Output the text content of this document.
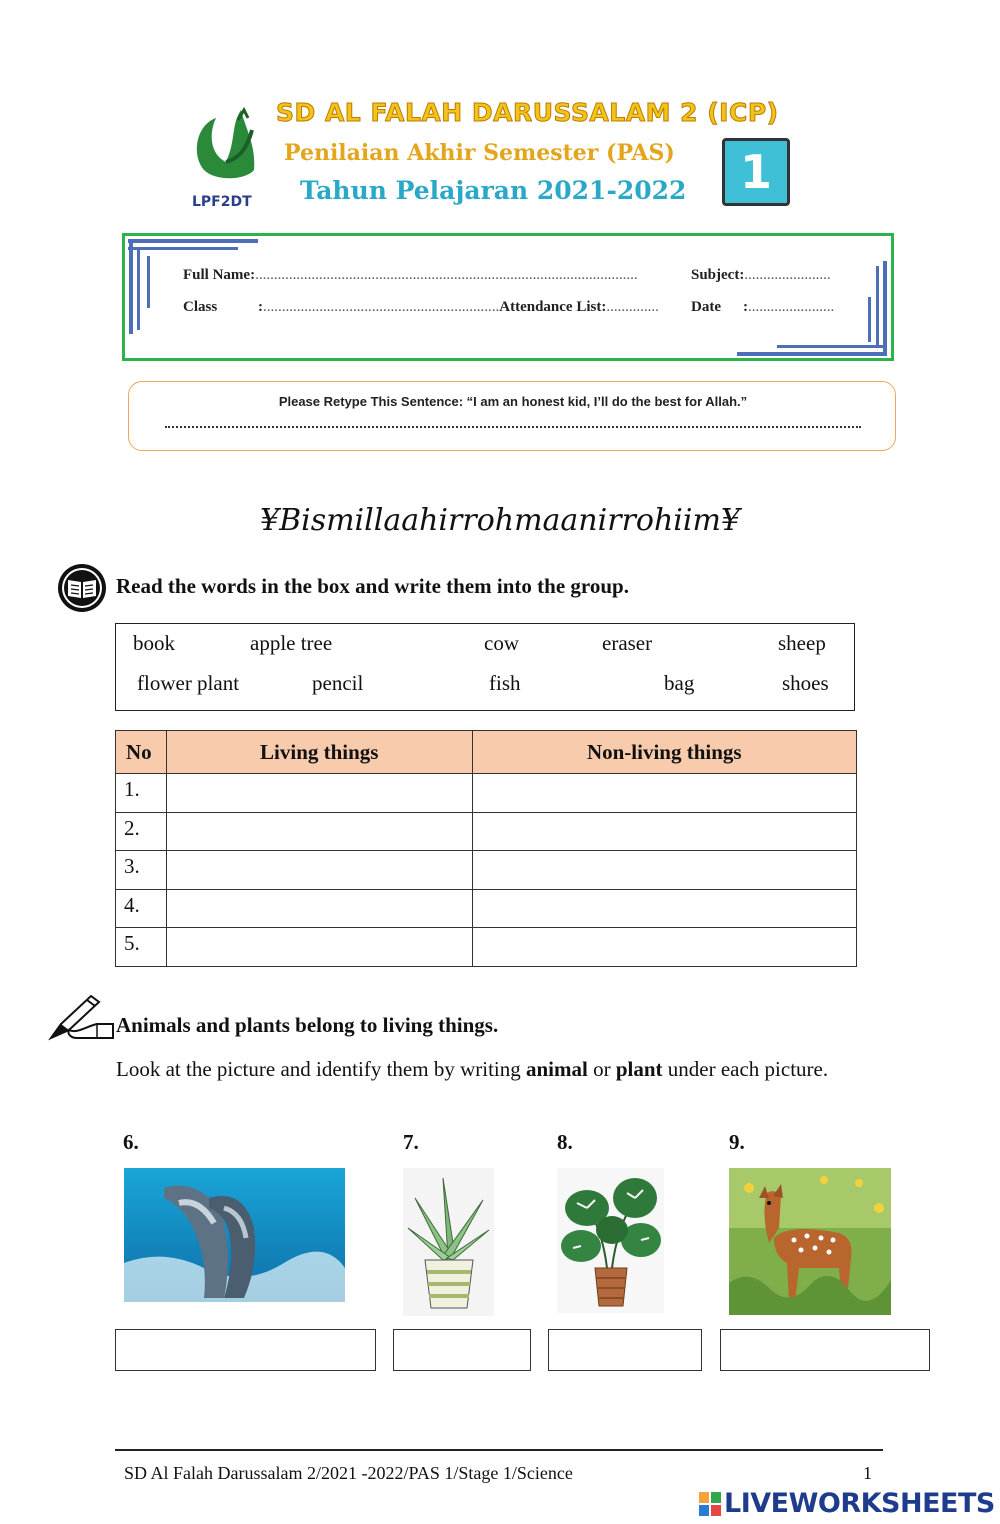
LPF2DT
SD AL FALAH DARUSSALAM 2 (ICP)
Penilaian Akhir Semester (PAS)
Tahun Pelajaran 2021-2022	1
Full Name:......................................................................................................	Subject:.......................
Class	:...............................................................Attendance List:.............. Date :.......................
Please Retype This Sentence: “I am an honest kid, I’ll do the best for Allah.”
¥Bismillaahirrohmaanirrohiim¥
Read the words in the box and write them into the group.
book	apple tree	cow	eraser	sheep
flower plant	pencil	fish	bag	shoes
No	Living things	Non-living things
1.		
2.		
3.		
4.		
5.		
Animals and plants belong to living things.
Look at the picture and identify them by writing animal or plant under each picture.
6.	7.	8.	9.
SD Al Falah Darussalam 2/2021 -2022/PAS 1/Stage 1/Science	1
LIVEWORKSHEETS
